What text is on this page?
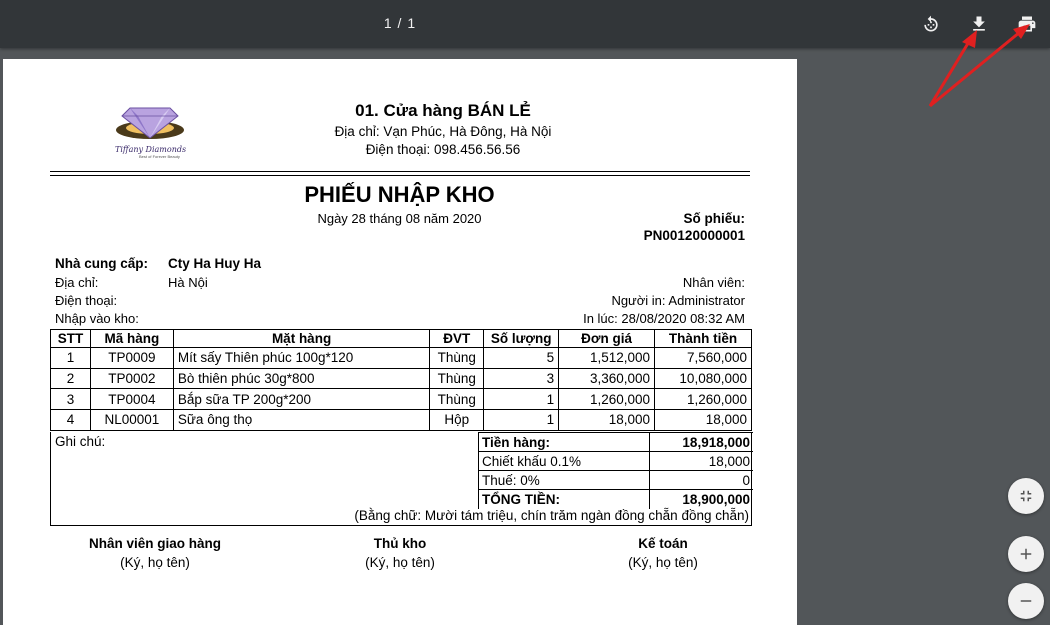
1 / 1
Tiffany Diamonds
Best of Forever Beauty
01. Cửa hàng BÁN LẺ
Địa chỉ: Vạn Phúc, Hà Đông, Hà Nội
Điện thoại: 098.456.56.56
PHIẾU NHẬP KHO
Ngày 28 tháng 08 năm 2020	Số phiếu:
PN00120000001
Nhà cung cấp: Cty Ha Huy Ha
Địa chỉ:	Hà Nội
Điện thoại:
Nhập vào kho:
Nhân viên:
Người in: Administrator
In lúc: 28/08/2020 08:32 AM
STT	Mã hàng	Mặt hàng	ĐVT	Số lượng	Đơn giá	Thành tiền
1	TP0009	Mít sấy Thiên phúc 100g*120	Thùng	5	1,512,000	7,560,000
2	TP0002	Bò thiên phúc 30g*800	Thùng	3	3,360,000	10,080,000
3	TP0004	Bắp sữa TP 200g*200	Thùng	1	1,260,000	1,260,000
4	NL00001	Sữa ông thọ	Hộp	1	18,000	18,000
Ghi chú:	Tiền hàng:	18,918,000
Chiết khấu 0.1%	18,000
Thuế: 0%	0
TỔNG TIỀN:	18,900,000
(Bằng chữ: Mười tám triệu, chín trăm ngàn đồng chẵn đồng chẵn)
Nhân viên giao hàng
(Ký, họ tên)
Thủ kho
(Ký, họ tên)
Kế toán
(Ký, họ tên)
